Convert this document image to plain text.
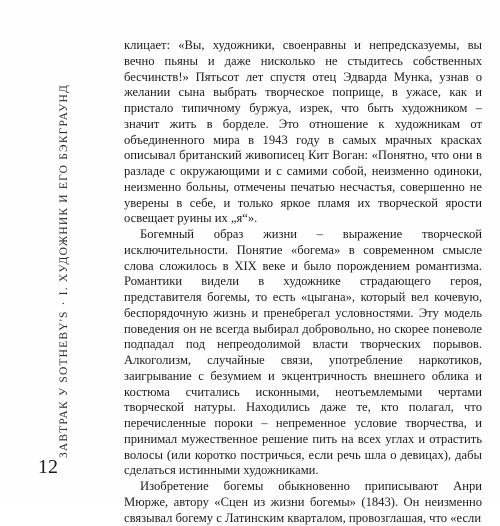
ЗАВТРАК У SOTHEBY'S·I. ХУДОЖНИК И ЕГО БЭКГРАУНД
12

клицает: «Вы, художники, своенравны и непредсказуемы, вы вечно пьяны и даже нисколько не стыдитесь собственных бесчинств!» Пятьсот лет спустя отец Эдварда Мунка, узнав о желании сына выбрать творческое поприще, в ужасе, как и пристало типичному буржуа, изрек, что быть художником – значит жить в борделе. Это отношение к художникам от объединенного мира в 1943 году в самых мрачных красках описывал британский живописец Кит Воган: «Понятно, что они в разладе с окружающими и с самими собой, неизменно одиноки, неизменно больны, отмечены печатью несчастья, совершенно не уверены в себе, и только яркое пламя их творческой ярости освещает руины их „я“».

Богемный образ жизни – выражение творческой исключительности. Понятие «богема» в современном смысле слова сложилось в XIX веке и было порождением романтизма. Романтики видели в художнике страдающего героя, представителя богемы, то есть «цыгана», который вел кочевую, беспорядочную жизнь и пренебрегал условностями. Эту модель поведения он не всегда выбирал добровольно, но скорее поневоле подпадал под непреодолимой власти творческих порывов. Алкоголизм, случайные связи, употребление наркотиков, заигрывание с безумием и экцентричность внешнего облика и костюма считались исконными, неотъемлемыми чертами творческой натуры. Находились даже те, кто полагал, что перечисленные пороки – непременное условие творчества, и принимал мужественное решение пить на всех углах и отрастить волосы (или коротко постричься, если речь шла о девицах), дабы сделаться истинными художниками.

Изобретение богемы обыкновенно приписывают Анри Мюрже, автору «Сцен из жизни богемы» (1843). Он неизменно связывал богему с Латинским кварталом, провозглашая, что «если
